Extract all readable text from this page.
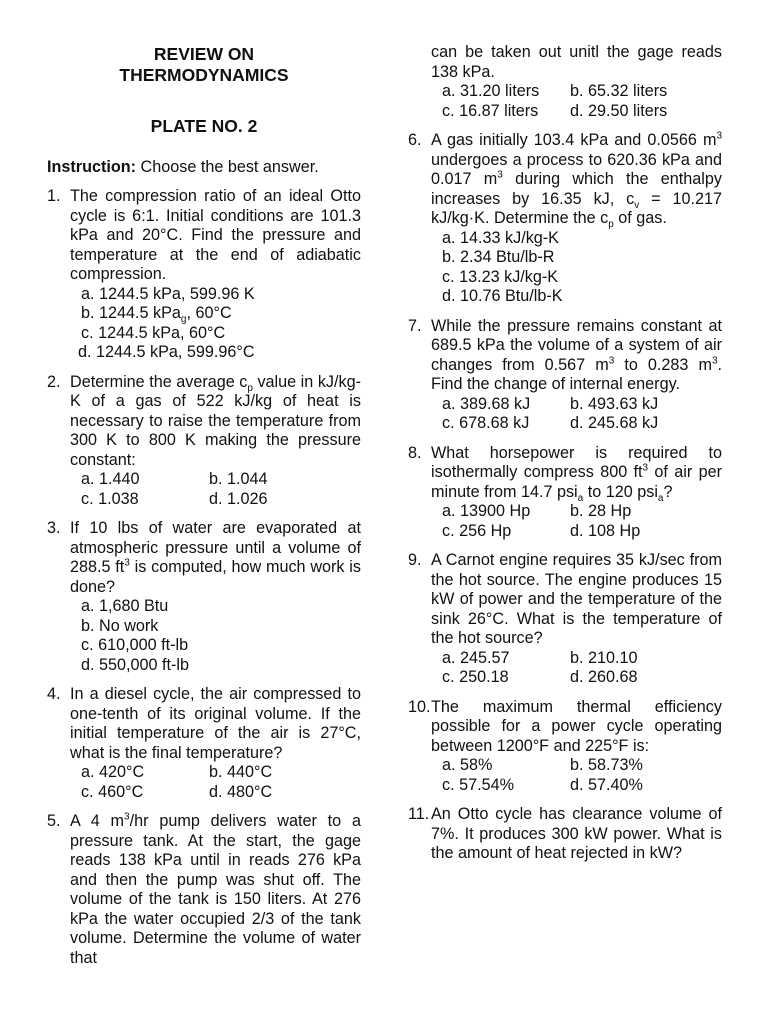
REVIEW ON
THERMODYNAMICS
PLATE NO. 2
Instruction: Choose the best answer.
1. The compression ratio of an ideal Otto cycle is 6:1. Initial conditions are 101.3 kPa and 20°C. Find the pressure and temperature at the end of adiabatic compression.
a. 1244.5 kPa, 599.96 K
b. 1244.5 kPa$_g$, 60°C
c. 1244.5 kPa, 60°C
d. 1244.5 kPa, 599.96°C
2. Determine the average $c_p$ value in kJ/kg-K of a gas of 522 kJ/kg of heat is necessary to raise the temperature from 300 K to 800 K making the pressure constant:
a. 1.440	b. 1.044
c. 1.038	d. 1.026
3. If 10 lbs of water are evaporated at atmospheric pressure until a volume of 288.5 $ft^3$ is computed, how much work is done?
a. 1,680 Btu
b. No work
c. 610,000 ft-lb
d. 550,000 ft-lb
4. In a diesel cycle, the air compressed to one-tenth of its original volume. If the initial temperature of the air is 27°C, what is the final temperature?
a. 420°C	b. 440°C
c. 460°C	d. 480°C
5. A 4 $m^3/hr$ pump delivers water to a pressure tank. At the start, the gage reads 138 kPa until in reads 276 kPa and then the pump was shut off. The volume of the tank is 150 liters. At 276 kPa the water occupied 2/3 of the tank volume. Determine the volume of water that
can be taken out unitl the gage reads 138 kPa.
a. 31.20 liters	b. 65.32 liters
c. 16.87 liters	d. 29.50 liters
6. A gas initially 103.4 kPa and 0.0566 $m^3$ undergoes a process to 620.36 kPa and 0.017 $m^3$ during which the enthalpy increases by 16.35 kJ, $c_v = 10.217$ kJ/kg·K. Determine the $c_p$ of gas.
a. 14.33 kJ/kg-K
b. 2.34 Btu/lb-R
c. 13.23 kJ/kg-K
d. 10.76 Btu/lb-K
7. While the pressure remains constant at 689.5 kPa the volume of a system of air changes from 0.567 $m^3$ to 0.283 $m^3$. Find the change of internal energy.
a. 389.68 kJ	b. 493.63 kJ
c. 678.68 kJ	d. 245.68 kJ
8. What horsepower is required to isothermally compress 800 $ft^3$ of air per minute from 14.7 psi$_a$ to 120 psi$_a$?
a. 13900 Hp	b. 28 Hp
c. 256 Hp	d. 108 Hp
9. A Carnot engine requires 35 kJ/sec from the hot source. The engine produces 15 kW of power and the temperature of the sink 26°C. What is the temperature of the hot source?
a. 245.57	b. 210.10
c. 250.18	d. 260.68
10. The maximum thermal efficiency possible for a power cycle operating between 1200°F and 225°F is:
a. 58%	b. 58.73%
c. 57.54%	d. 57.40%
11. An Otto cycle has clearance volume of 7%. It produces 300 kW power. What is the amount of heat rejected in kW?
